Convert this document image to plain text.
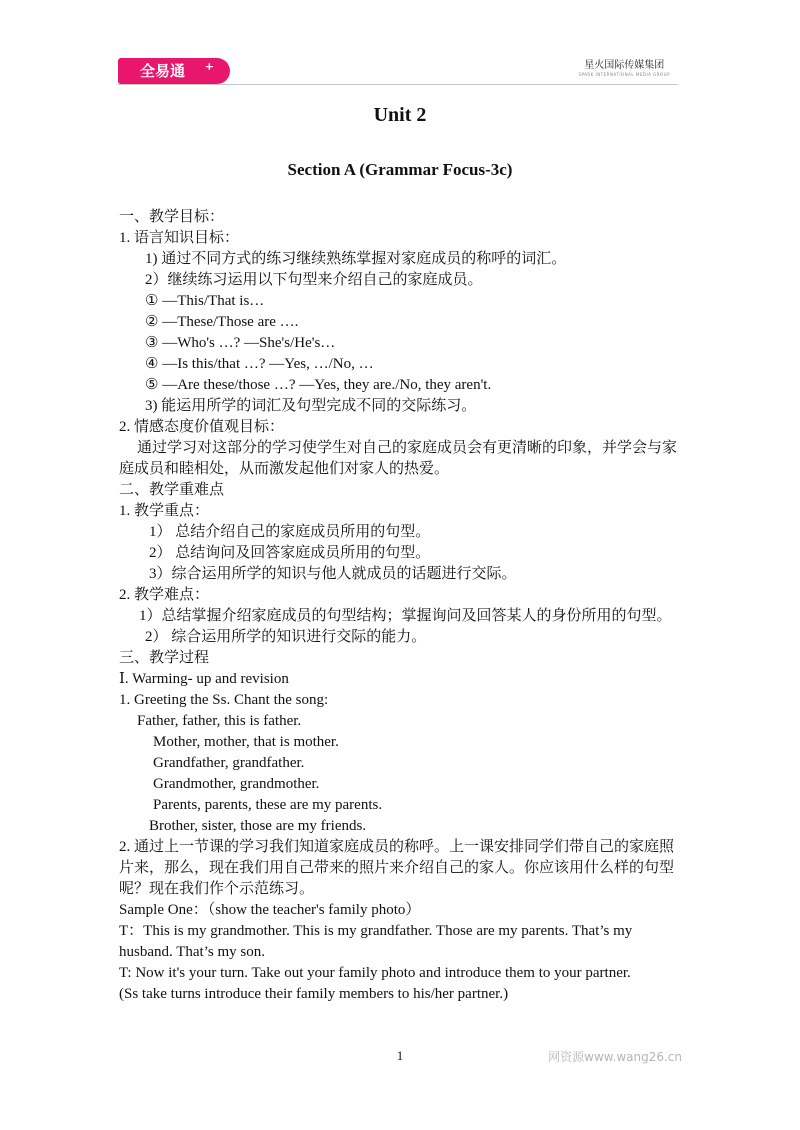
全易通 +	星火国际传媒集团
SPARK INTERNATIONAL MEDIA GROUP
Unit 2
Section A (Grammar Focus-3c)
一、教学目标：
1. 语言知识目标：
1) 通过不同方式的练习继续熟练掌握对家庭成员的称呼的词汇。
2）继续练习运用以下句型来介绍自己的家庭成员。
① —This/That is…
② —These/Those are ….
③ —Who's …? —She's/He's…
④ —Is this/that …? —Yes, …/No, …
⑤ —Are these/those …? —Yes, they are./No, they aren't.
3) 能运用所学的词汇及句型完成不同的交际练习。
2. 情感态度价值观目标：
通过学习对这部分的学习使学生对自己的家庭成员会有更清晰的印象，并学会与家庭成员和睦相处，从而激发起他们对家人的热爱。
二、教学重难点
1. 教学重点：
1） 总结介绍自己的家庭成员所用的句型。
2） 总结询问及回答家庭成员所用的句型。
3）综合运用所学的知识与他人就成员的话题进行交际。
2. 教学难点：
1）总结掌握介绍家庭成员的句型结构；掌握询问及回答某人的身份所用的句型。
2） 综合运用所学的知识进行交际的能力。
三、教学过程
Ⅰ. Warming- up and revision
1. Greeting the Ss. Chant the song:
Father, father, this is father.
Mother, mother, that is mother.
Grandfather, grandfather.
Grandmother, grandmother.
Parents, parents, these are my parents.
Brother, sister, those are my friends.
2. 通过上一节课的学习我们知道家庭成员的称呼。上一课安排同学们带自己的家庭照片来，那么，现在我们用自己带来的照片来介绍自己的家人。你应该用什么样的句型呢？现在我们作个示范练习。
Sample One：（show the teacher's family photo）
T：This is my grandmother. This is my grandfather. Those are my parents. That’s my husband. That’s my son.
T: Now it's your turn. Take out your family photo and introduce them to your partner.
(Ss take turns introduce their family members to his/her partner.)
1	网资源www.wang26.cn
